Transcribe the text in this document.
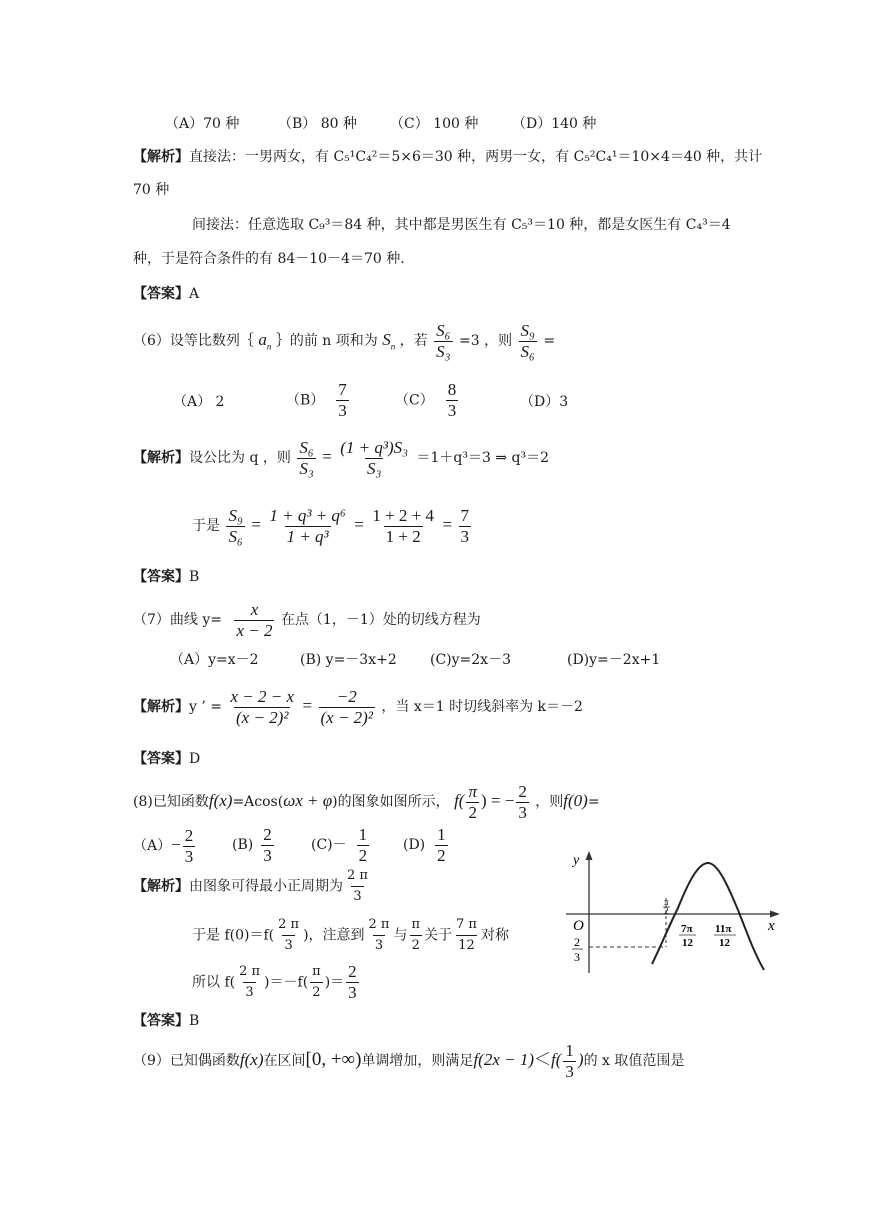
（A）70 种	（B） 80 种 （C） 100 种 （D）140 种
【解析】直接法：一男两女，有 C₅¹C₄²＝5×6＝30 种，两男一女，有 C₅²C₄¹＝10×4＝40 种，共计
70 种
间接法：任意选取 C₉³＝84 种，其中都是男医生有 C₅³＝10 种，都是女医生有 C₄³＝4
种，于是符合条件的有 84－10－4＝70 种.
【答案】A
（6）设等比数列｛ $a_n$ ｝的前 n 项和为 $S_n$ ，若 $\frac{\text{S₆}}{\text{S₃}} =3$ ，则 $\frac{\text{S₉}}{\text{S₆}}$ =
（A） 2	$(B) \frac{7}{3}$	$(C) \frac{8}{3}$	（D）3
【解析】设公比为 q ，则 $\frac{\text{S₆}}{\text{S₃}} = \frac{\text{(1 + q³)S₃}}{\text{S₃}} =1+q^3=3$ ⇒ q³＝2
于是 $\frac{\text{S₉}}{\text{S₆}} = \frac{\text{1 + q³ + q⁶}}{\text{1 + q³}} = \frac{1 + 2 + 4}{1 + 2} = \frac{7}{3}$
【答案】B
（7）曲线 $y= \frac{x}{x - 2}$ 在点（1，－1）处的切线方程为
（A）y=x－2	(B) y=－3x+2 (C)y=2x－3	(D)y=－2x+1
【解析】y ’ = $\frac{x - 2 - x}{\text{(x − 2)²}} = \frac{-2}{\text{(x − 2)²}}$ ，当 x＝1 时切线斜率为 k＝－2
【答案】D
(8)已知函数f(x)=Acos(ωx + φ)的图象如图所示， $f( \frac{\pi}{2}$ ) = − $\frac{2}{3}$ ，则f(0)=
$(A)- \frac{2}{3}$	$(B) \frac{2}{3}$	$(C)- \frac{1}{2} (D) \frac{1}{2}$
【解析】由图象可得最小正周期为 $\frac{2 \pi}{3}$
于是 $f(0)=f( \frac{2 \pi}{3}$ )，注意到 $\frac{2 \pi}{3}$ 与 $\frac{\pi}{2}$ 关于 $\frac{7 \pi}{12}$ 对称
所以 $f( \frac{2 \pi}{3} )=-f( \frac{\pi}{2}$ )＝ $\frac{2}{3}$
【答案】B
y
x
O
π
2
2
3
7π
12
11π
12
（9）已知偶函数f(x)在区间[0, +∞)单调增加，则满足$f(2x - 1)<f( \frac{1}{3}$ )的 x 取值范围是
